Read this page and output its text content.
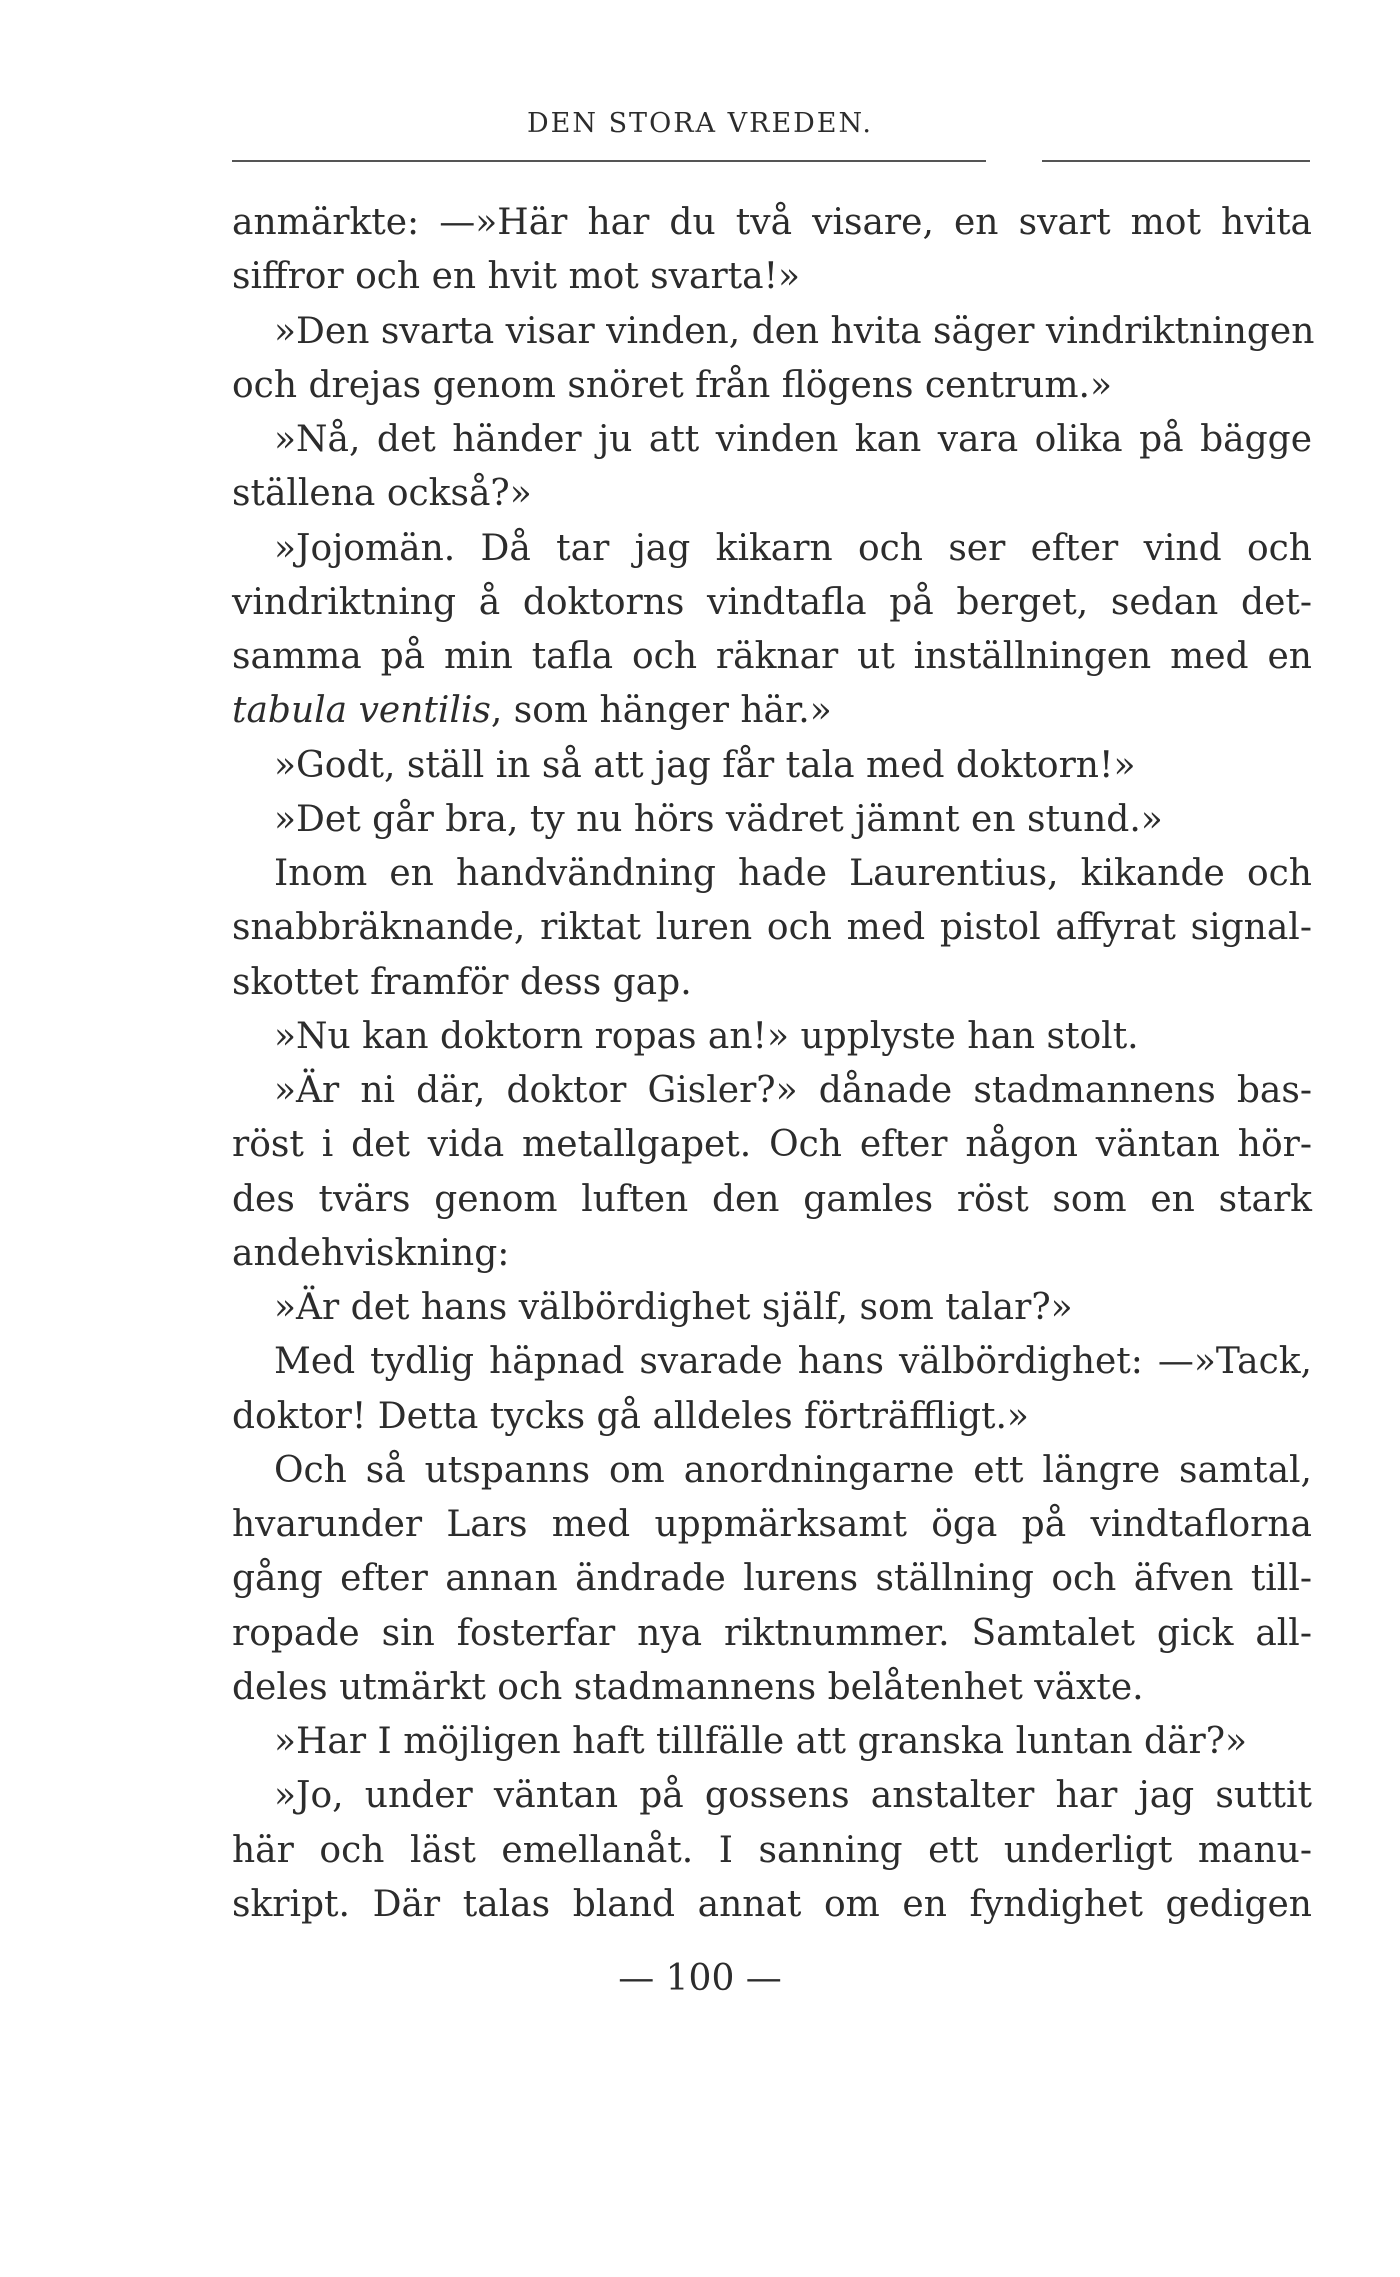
DEN STORA VREDEN.
anmärkte: —»Här har du två visare, en svart mot hvita
siffror och en hvit mot svarta!»
»Den svarta visar vinden, den hvita säger vindriktningen
och drejas genom snöret från flögens centrum.»
»Nå, det händer ju att vinden kan vara olika på bägge
ställena också?»
»Jojomän. Då tar jag kikarn och ser efter vind och
vindriktning å doktorns vindtafla på berget, sedan det-
samma på min tafla och räknar ut inställningen med en
tabula ventilis, som hänger här.»
»Godt, ställ in så att jag får tala med doktorn!»
»Det går bra, ty nu hörs vädret jämnt en stund.»
Inom en handvändning hade Laurentius, kikande och
snabbräknande, riktat luren och med pistol affyrat signal-
skottet framför dess gap.
»Nu kan doktorn ropas an!» upplyste han stolt.
»Är ni där, doktor Gisler?» dånade stadmannens bas-
röst i det vida metallgapet. Och efter någon väntan hör-
des tvärs genom luften den gamles röst som en stark
andehviskning:
»Är det hans välbördighet själf, som talar?»
Med tydlig häpnad svarade hans välbördighet: —»Tack,
doktor! Detta tycks gå alldeles förträffligt.»
Och så utspanns om anordningarne ett längre samtal,
hvarunder Lars med uppmärksamt öga på vindtaflorna
gång efter annan ändrade lurens ställning och äfven till-
ropade sin fosterfar nya riktnummer. Samtalet gick all-
deles utmärkt och stadmannens belåtenhet växte.
»Har I möjligen haft tillfälle att granska luntan där?»
»Jo, under väntan på gossens anstalter har jag suttit
här och läst emellanåt. I sanning ett underligt manu-
skript. Där talas bland annat om en fyndighet gedigen
— 100 —
